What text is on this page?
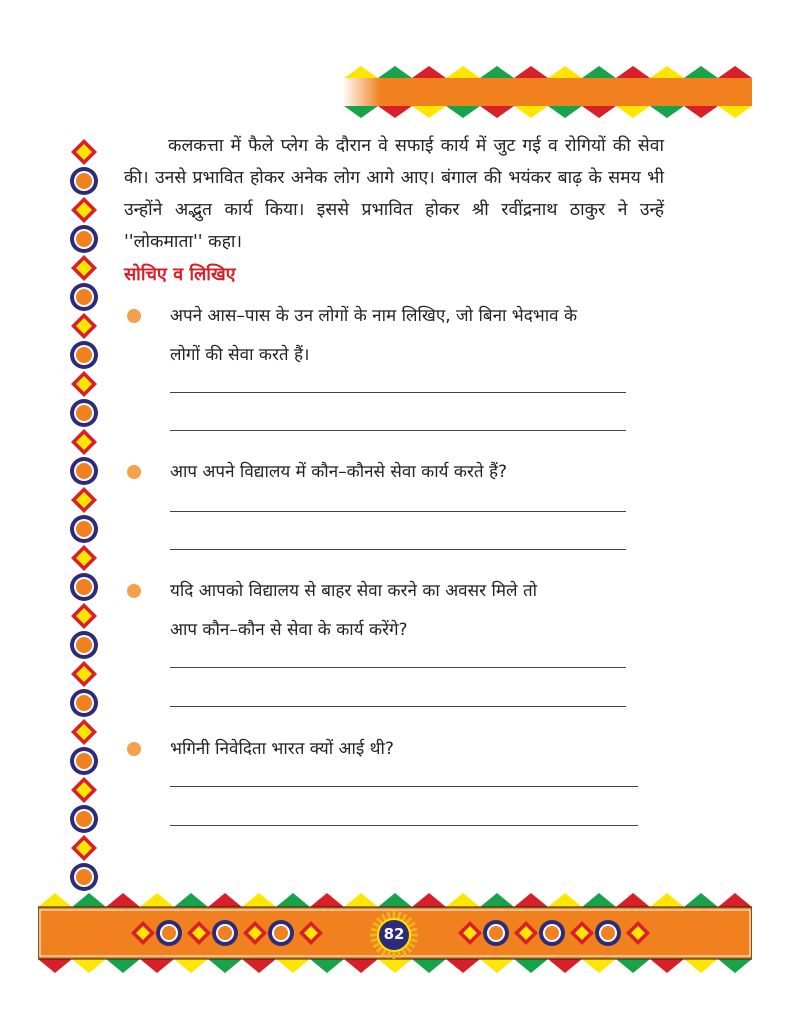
कलकत्ता में फैले प्लेग के दौरान वे सफाई कार्य में जुट गई व रोगियों की सेवा की। उनसे प्रभावित होकर अनेक लोग आगे आए। बंगाल की भयंकर बाढ़ के समय भी उन्होंने अद्भुत कार्य किया। इससे प्रभावित होकर श्री रवींद्रनाथ ठाकुर ने उन्हें ''लोकमाता'' कहा।

सोचिए व लिखिए
अपने आस–पास के उन लोगों के नाम लिखिए, जो बिना भेदभाव के
लोगों की सेवा करते हैं।
आप अपने विद्यालय में कौन–कौनसे सेवा कार्य करते हैं?
यदि आपको विद्यालय से बाहर सेवा करने का अवसर मिले तो
आप कौन–कौन से सेवा के कार्य करेंगे?
भगिनी निवेदिता भारत क्यों आई थी?
82
